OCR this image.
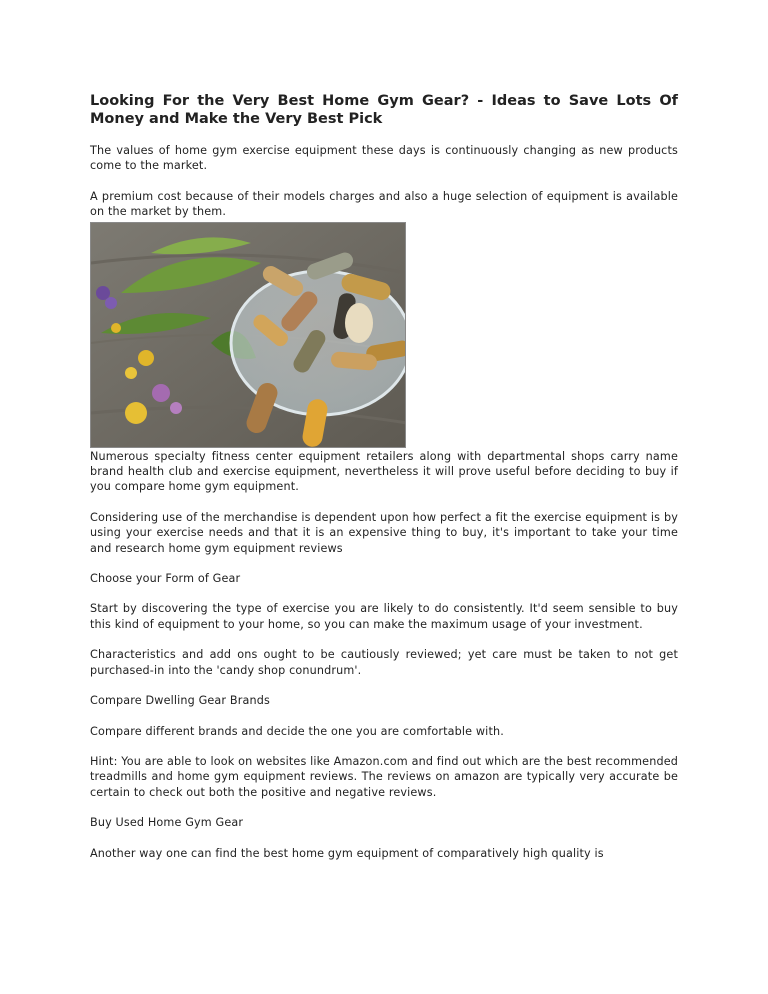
Looking For the Very Best Home Gym Gear? - Ideas to Save Lots Of Money and Make the Very Best Pick

The values of home gym exercise equipment these days is continuously changing as new products come to the market.

A premium cost because of their models charges and also a huge selection of equipment is available on the market by them.

Numerous specialty fitness center equipment retailers along with departmental shops carry name brand health club and exercise equipment, nevertheless it will prove useful before deciding to buy if you compare home gym equipment.

Considering use of the merchandise is dependent upon how perfect a fit the exercise equipment is by using your exercise needs and that it is an expensive thing to buy, it's important to take your time and research home gym equipment reviews

Choose your Form of Gear

Start by discovering the type of exercise you are likely to do consistently. It'd seem sensible to buy this kind of equipment to your home, so you can make the maximum usage of your investment.

Characteristics and add ons ought to be cautiously reviewed; yet care must be taken to not get purchased-in into the 'candy shop conundrum'.

Compare Dwelling Gear Brands

Compare different brands and decide the one you are comfortable with.

Hint: You are able to look on websites like Amazon.com and find out which are the best recommended treadmills and home gym equipment reviews. The reviews on amazon are typically very accurate be certain to check out both the positive and negative reviews.

Buy Used Home Gym Gear

Another way one can find the best home gym equipment of comparatively high quality is
